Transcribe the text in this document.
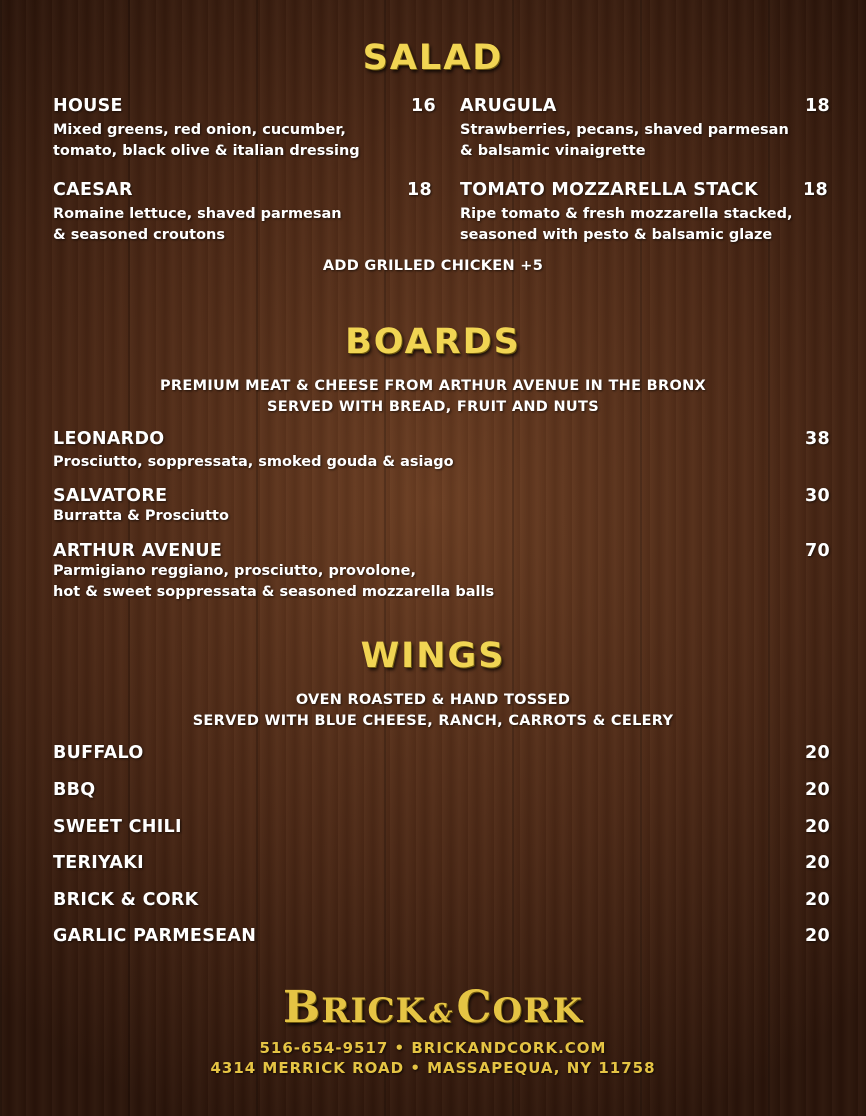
SALAD
HOUSE	16
Mixed greens, red onion, cucumber,
tomato, black olive & italian dressing
ARUGULA	18
Strawberries, pecans, shaved parmesan
& balsamic vinaigrette
CAESAR	18
Romaine lettuce, shaved parmesan
& seasoned croutons
TOMATO MOZZARELLA STACK	18
Ripe tomato & fresh mozzarella stacked,
seasoned with pesto & balsamic glaze
ADD GRILLED CHICKEN +5
BOARDS
PREMIUM MEAT & CHEESE FROM ARTHUR AVENUE IN THE BRONX
SERVED WITH BREAD, FRUIT AND NUTS
LEONARDO	38
Prosciutto, soppressata, smoked gouda & asiago
SALVATORE	30
Burratta & Prosciutto
ARTHUR AVENUE	70
Parmigiano reggiano, prosciutto, provolone,
hot & sweet soppressata & seasoned mozzarella balls
WINGS
OVEN ROASTED & HAND TOSSED
SERVED WITH BLUE CHEESE, RANCH, CARROTS & CELERY
BUFFALO	20
BBQ	20
SWEET CHILI	20
TERIYAKI	20
BRICK & CORK	20
GARLIC PARMESEAN	20
BRICK &CORK
516-654-9517 • BRICKANDCORK.COM
4314 MERRICK ROAD • MASSAPEQUA, NY 11758
